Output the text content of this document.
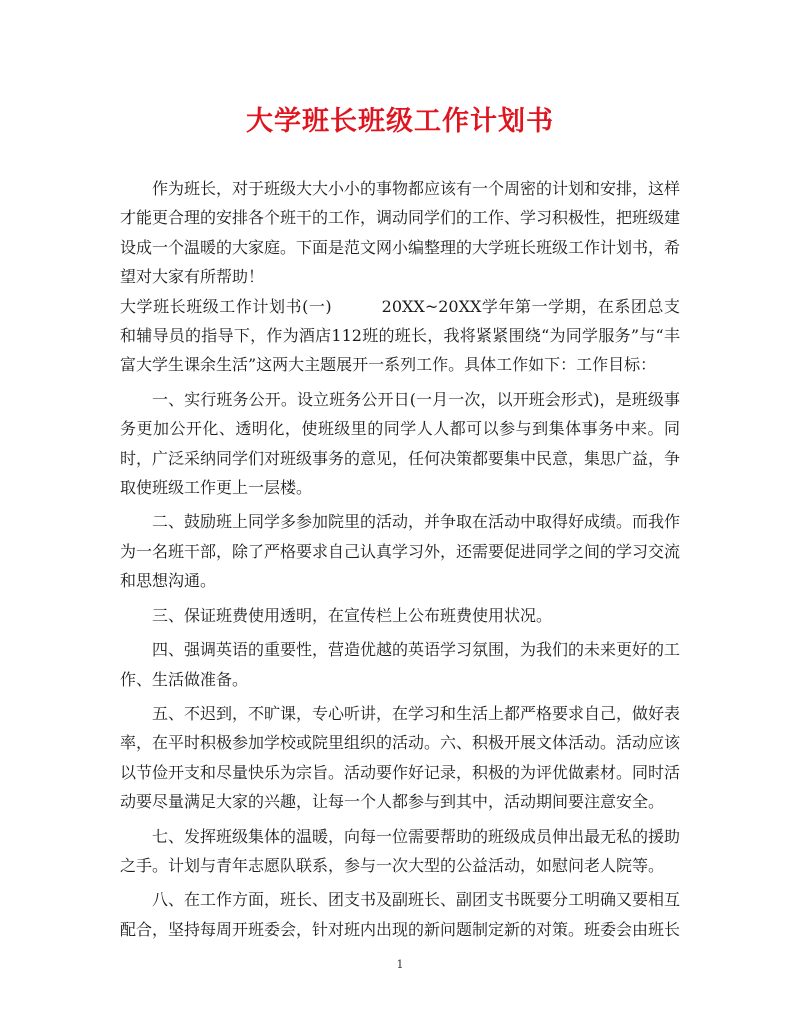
大学班长班级工作计划书

作为班长，对于班级大大小小的事物都应该有一个周密的计划和安排，这样才能更合理的安排各个班干的工作，调动同学们的工作、学习积极性，把班级建设成一个温暖的大家庭。下面是范文网小编整理的大学班长班级工作计划书，希望对大家有所帮助！

大学班长班级工作计划书(一)	20XX~20XX学年第一学期，在系团总支和辅导员的指导下，作为酒店112班的班长，我将紧紧围绕“为同学服务”与“丰富大学生课余生活”这两大主题展开一系列工作。具体工作如下：工作目标：

一、实行班务公开。设立班务公开日(一月一次，以开班会形式)，是班级事务更加公开化、透明化，使班级里的同学人人都可以参与到集体事务中来。同时，广泛采纳同学们对班级事务的意见，任何决策都要集中民意，集思广益，争取使班级工作更上一层楼。

二、鼓励班上同学多参加院里的活动，并争取在活动中取得好成绩。而我作为一名班干部，除了严格要求自己认真学习外，还需要促进同学之间的学习交流和思想沟通。

三、保证班费使用透明，在宣传栏上公布班费使用状况。

四、强调英语的重要性，营造优越的英语学习氛围，为我们的未来更好的工作、生活做准备。

五、不迟到，不旷课，专心听讲，在学习和生活上都严格要求自己，做好表率，在平时积极参加学校或院里组织的活动。六、积极开展文体活动。活动应该以节俭开支和尽量快乐为宗旨。活动要作好记录，积极的为评优做素材。同时活动要尽量满足大家的兴趣，让每一个人都参与到其中，活动期间要注意安全。

七、发挥班级集体的温暖，向每一位需要帮助的班级成员伸出最无私的援助之手。计划与青年志愿队联系，参与一次大型的公益活动，如慰问老人院等。

八、在工作方面，班长、团支书及副班长、副团支书既要分工明确又要相互配合，坚持每周开班委会，针对班内出现的新问题制定新的对策。班委会由班长

1
